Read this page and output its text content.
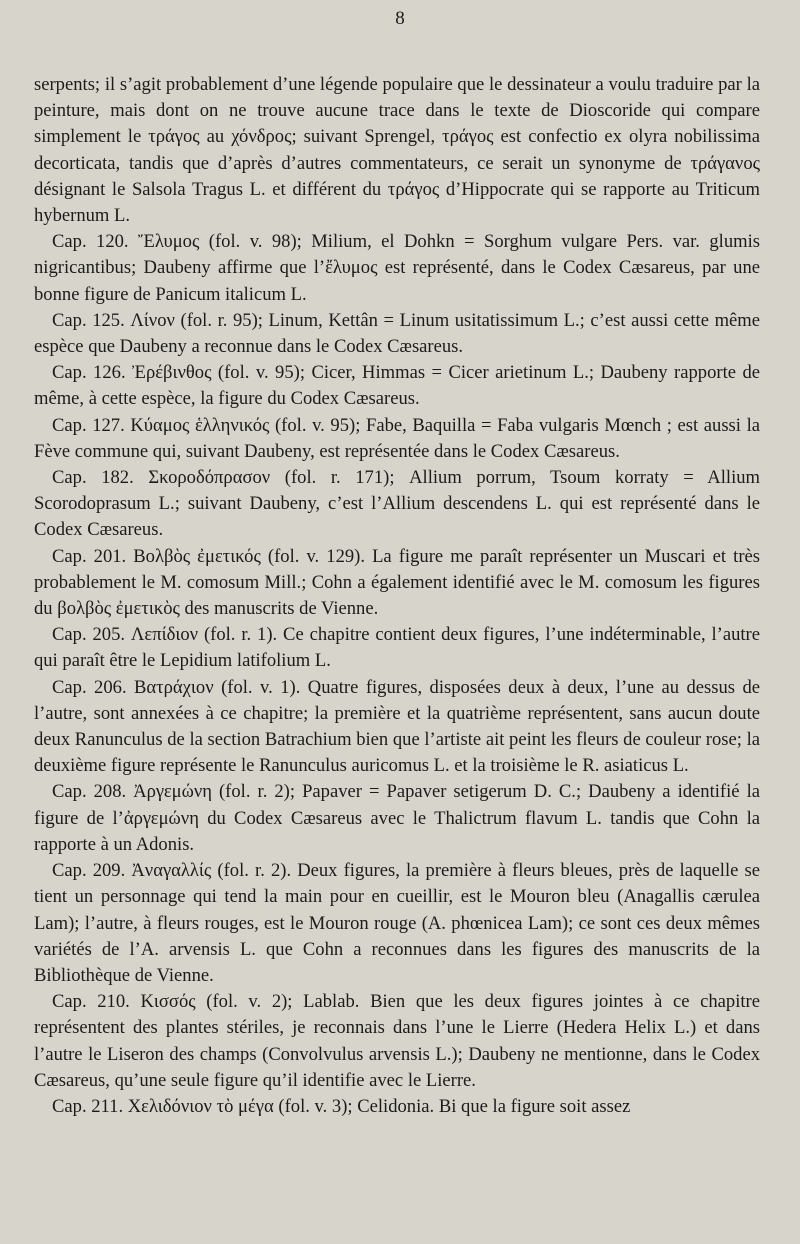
8

serpents; il s’agit probablement d’une légende populaire que le dessinateur a voulu traduire par la peinture, mais dont on ne trouve aucune trace dans le texte de Dioscoride qui compare simplement le τράγος au χόνδρος; suivant Sprengel, τράγος est confectio ex olyra nobilissima decorticata, tandis que d’après d’autres commentateurs, ce serait un synonyme de τράγανος désignant le Salsola Tragus L. et différent du τράγος d’Hippocrate qui se rapporte au Triticum hybernum L.

Cap. 120. Ἔλυμος (fol. v. 98); Milium, el Dohkn = Sorghum vulgare Pers. var. glumis nigricantibus; Daubeny affirme que l’ἔλυμος est représenté, dans le Codex Cæsareus, par une bonne figure de Panicum italicum L.

Cap. 125. Λίνον (fol. r. 95); Linum, Kettân = Linum usitatissimum L.; c’est aussi cette même espèce que Daubeny a reconnue dans le Codex Cæsareus.

Cap. 126. Ἐρέβινθος (fol. v. 95); Cicer, Himmas = Cicer arietinum L.; Daubeny rapporte de même, à cette espèce, la figure du Codex Cæsareus.

Cap. 127. Κύαμος ἑλληνικός (fol. v. 95); Fabe, Baquilla = Faba vulgaris Mœnch ; est aussi la Fève commune qui, suivant Daubeny, est représentée dans le Codex Cæsareus.

Cap. 182. Σκοροδόπρασον (fol. r. 171); Allium porrum, Tsoum korraty = Allium Scorodoprasum L.; suivant Daubeny, c’est l’Allium descendens L. qui est représenté dans le Codex Cæsareus.

Cap. 201. Βολβὸς ἐμετικός (fol. v. 129). La figure me paraît représenter un Muscari et très probablement le M. comosum Mill.; Cohn a également identifié avec le M. comosum les figures du βολβὸς ἐμετικὸς des manuscrits de Vienne.

Cap. 205. Λεπίδιον (fol. r. 1). Ce chapitre contient deux figures, l’une indéterminable, l’autre qui paraît être le Lepidium latifolium L.

Cap. 206. Βατράχιον (fol. v. 1). Quatre figures, disposées deux à deux, l’une au dessus de l’autre, sont annexées à ce chapitre; la première et la quatrième représentent, sans aucun doute deux Ranunculus de la section Batrachium bien que l’artiste ait peint les fleurs de couleur rose; la deuxième figure représente le Ranunculus auricomus L. et la troisième le R. asiaticus L.

Cap. 208. Ἀργεμώνη (fol. r. 2); Papaver = Papaver setigerum D. C.; Daubeny a identifié la figure de l’ἀργεμώνη du Codex Cæsareus avec le Thalictrum flavum L. tandis que Cohn la rapporte à un Adonis.

Cap. 209. Ἀναγαλλίς (fol. r. 2). Deux figures, la première à fleurs bleues, près de laquelle se tient un personnage qui tend la main pour en cueillir, est le Mouron bleu (Anagallis cærulea Lam); l’autre, à fleurs rouges, est le Mouron rouge (A. phœnicea Lam); ce sont ces deux mêmes variétés de l’A. arvensis L. que Cohn a reconnues dans les figures des manuscrits de la Bibliothèque de Vienne.

Cap. 210. Κισσός (fol. v. 2); Lablab. Bien que les deux figures jointes à ce chapitre représentent des plantes stériles, je reconnais dans l’une le Lierre (Hedera Helix L.) et dans l’autre le Liseron des champs (Convolvulus arvensis L.); Daubeny ne mentionne, dans le Codex Cæsareus, qu’une seule figure qu’il identifie avec le Lierre.

Cap. 211. Χελιδόνιον τὸ μέγα (fol. v. 3); Celidonia. Bi que la figure soit assez
